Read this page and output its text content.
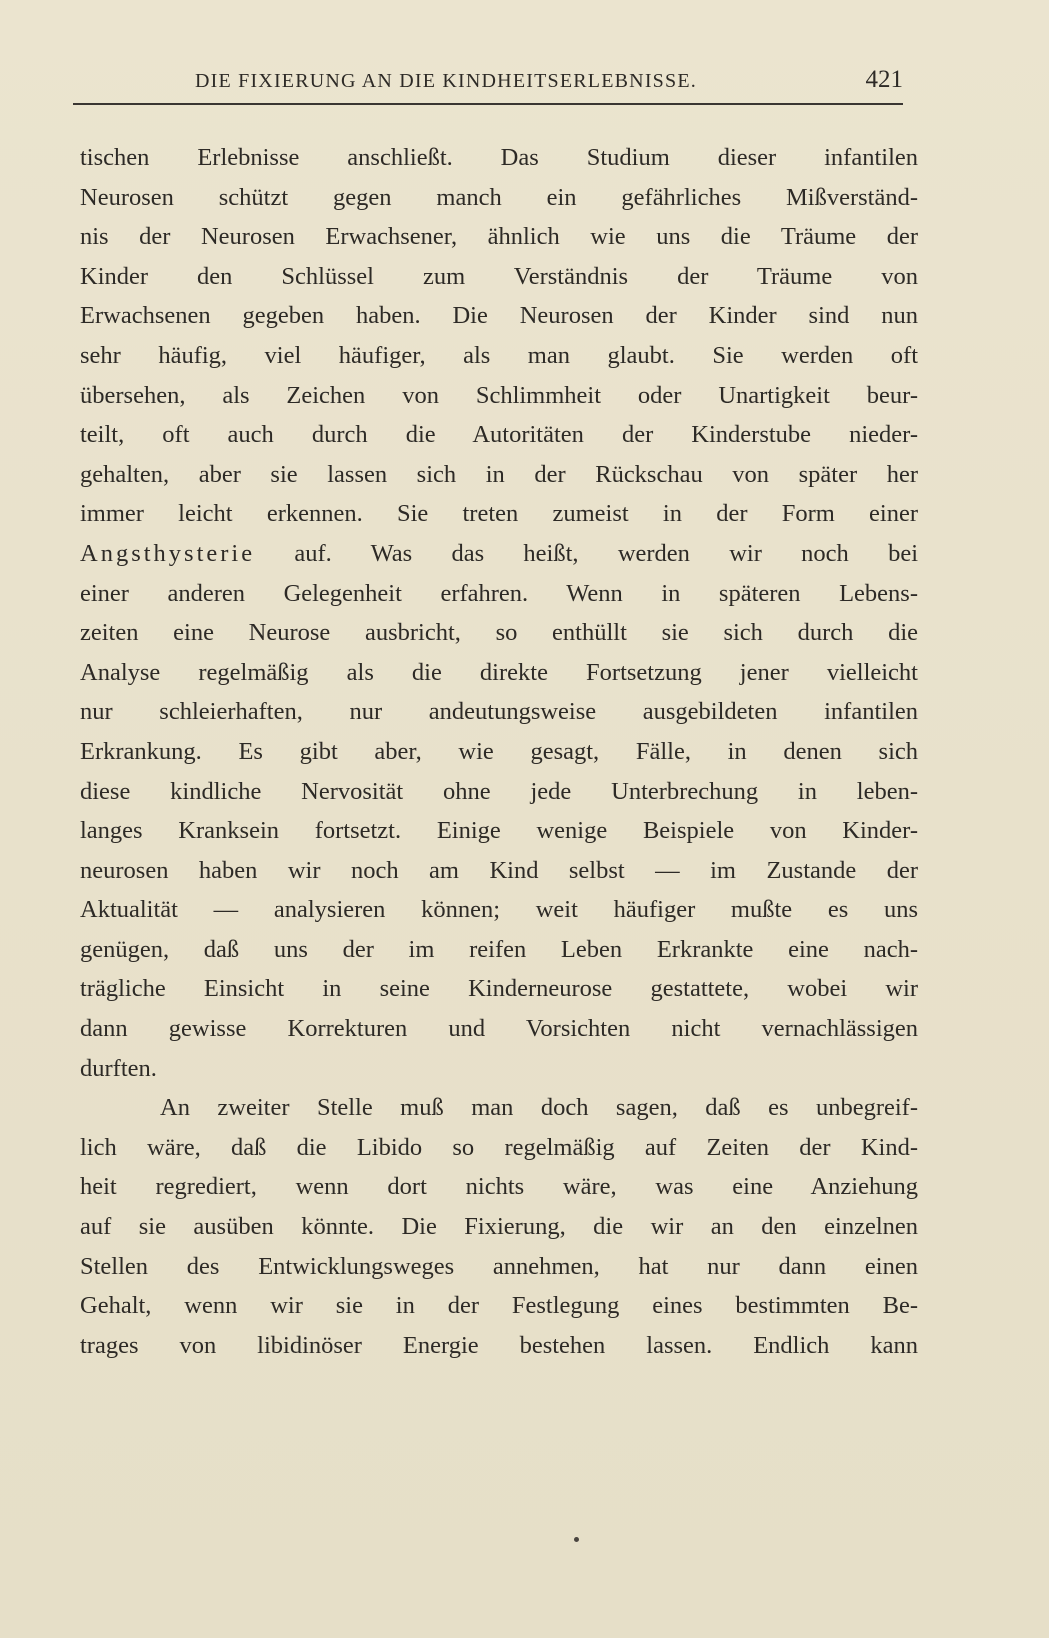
DIE FIXIERUNG AN DIE KINDHEITSERLEBNISSE.	421
tischen Erlebnisse anschließt. Das Studium dieser infantilen
Neurosen schützt gegen manch ein gefährliches Mißverständ-
nis der Neurosen Erwachsener, ähnlich wie uns die Träume der
Kinder den Schlüssel zum Verständnis der Träume von
Erwachsenen gegeben haben. Die Neurosen der Kinder sind nun
sehr häufig, viel häufiger, als man glaubt. Sie werden oft
übersehen, als Zeichen von Schlimmheit oder Unartigkeit beur-
teilt, oft auch durch die Autoritäten der Kinderstube nieder-
gehalten, aber sie lassen sich in der Rückschau von später her
immer leicht erkennen. Sie treten zumeist in der Form einer
Angsthysterie auf. Was das heißt, werden wir noch bei
einer anderen Gelegenheit erfahren. Wenn in späteren Lebens-
zeiten eine Neurose ausbricht, so enthüllt sie sich durch die
Analyse regelmäßig als die direkte Fortsetzung jener vielleicht
nur schleierhaften, nur andeutungsweise ausgebildeten infantilen
Erkrankung. Es gibt aber, wie gesagt, Fälle, in denen sich
diese kindliche Nervosität ohne jede Unterbrechung in leben-
langes Kranksein fortsetzt. Einige wenige Beispiele von Kinder-
neurosen haben wir noch am Kind selbst — im Zustande der
Aktualität — analysieren können; weit häufiger mußte es uns
genügen, daß uns der im reifen Leben Erkrankte eine nach-
trägliche Einsicht in seine Kinderneurose gestattete, wobei wir
dann gewisse Korrekturen und Vorsichten nicht vernachlässigen
durften.
An zweiter Stelle muß man doch sagen, daß es unbegreif-
lich wäre, daß die Libido so regelmäßig auf Zeiten der Kind-
heit regrediert, wenn dort nichts wäre, was eine Anziehung
auf sie ausüben könnte. Die Fixierung, die wir an den einzelnen
Stellen des Entwicklungsweges annehmen, hat nur dann einen
Gehalt, wenn wir sie in der Festlegung eines bestimmten Be-
trages von libidinöser Energie bestehen lassen. Endlich kann
